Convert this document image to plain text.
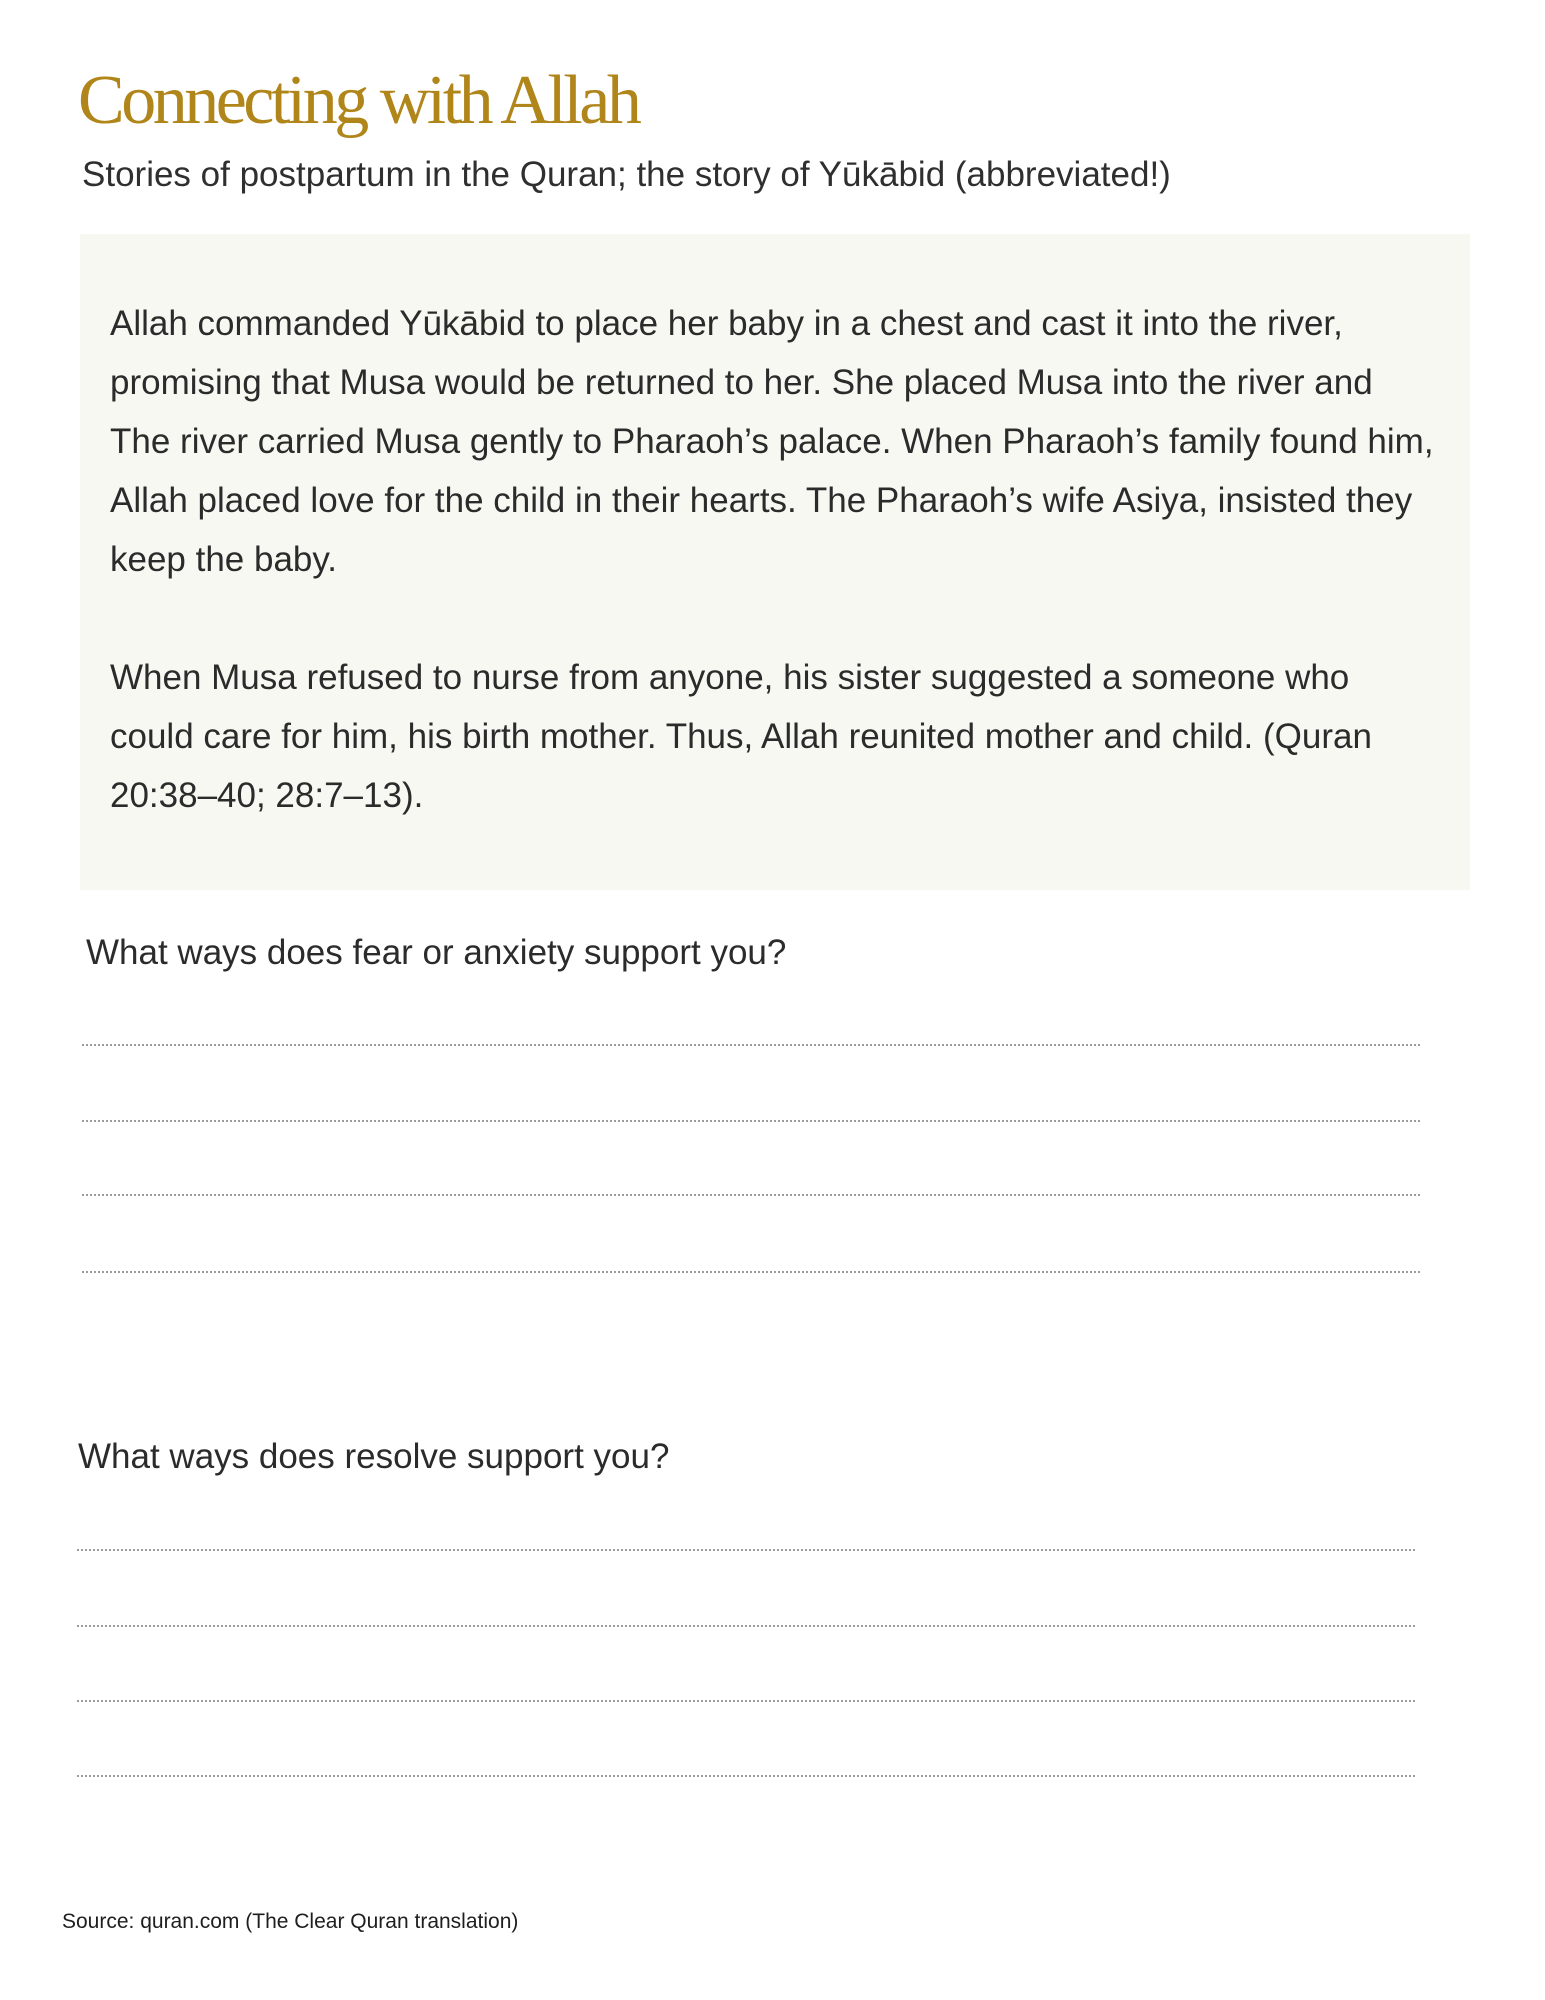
Connecting with Allah
Stories of postpartum in the Quran; the story of Yūkābid (abbreviated!)

Allah commanded Yūkābid to place her baby in a chest and cast it into the river, promising that Musa would be returned to her. She placed Musa into the river and The river carried Musa gently to Pharaoh’s palace. When Pharaoh’s family found him, Allah placed love for the child in their hearts. The Pharaoh’s wife Asiya, insisted they keep the baby.

When Musa refused to nurse from anyone, his sister suggested a someone who could care for him, his birth mother. Thus, Allah reunited mother and child. (Quran 20:38–40; 28:7–13).

What ways does fear or anxiety support you?
What ways does resolve support you?
Source: quran.com (The Clear Quran translation)
